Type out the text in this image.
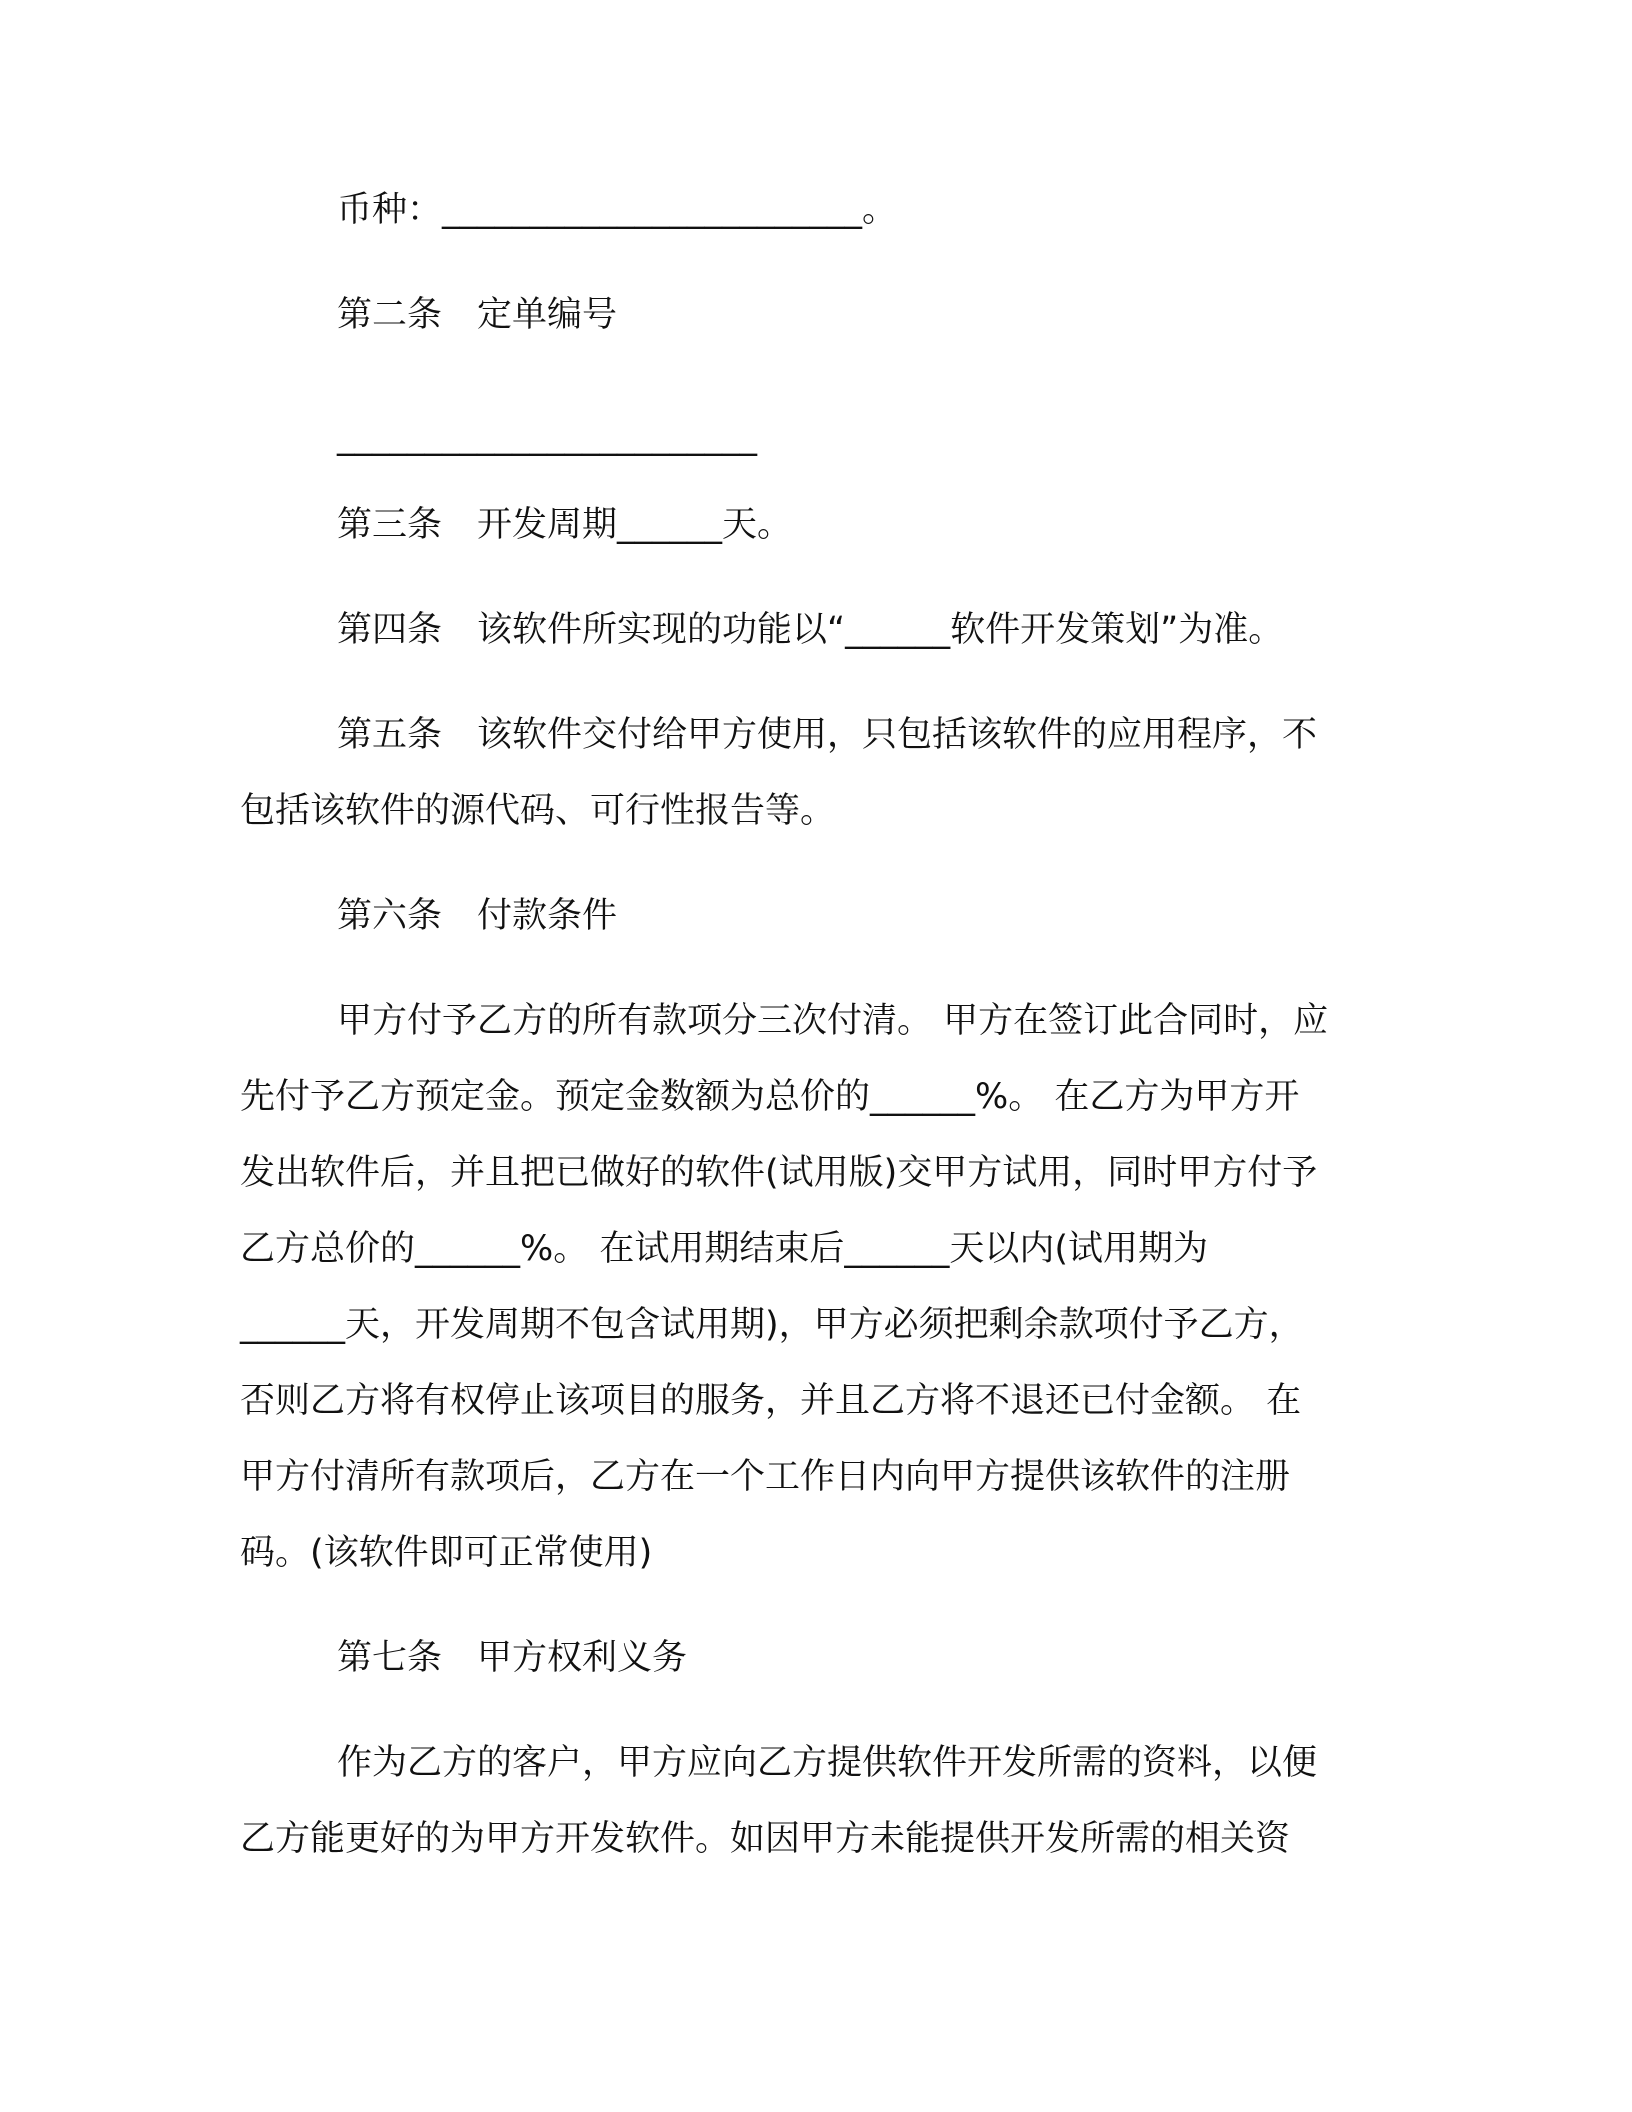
币种：________________________。
第二条　定单编号
________________________
第三条　开发周期______天。
第四条　该软件所实现的功能以“______软件开发策划”为准。
第五条　该软件交付给甲方使用，只包括该软件的应用程序，不
包括该软件的源代码、可行性报告等。
第六条　付款条件
甲方付予乙方的所有款项分三次付清。 甲方在签订此合同时，应
先付予乙方预定金。预定金数额为总价的______%。 在乙方为甲方开
发出软件后，并且把已做好的软件(试用版)交甲方试用，同时甲方付予
乙方总价的______%。 在试用期结束后______天以内(试用期为
______天，开发周期不包含试用期)，甲方必须把剩余款项付予乙方，
否则乙方将有权停止该项目的服务，并且乙方将不退还已付金额。 在
甲方付清所有款项后，乙方在一个工作日内向甲方提供该软件的注册
码。(该软件即可正常使用)
第七条　甲方权利义务
作为乙方的客户，甲方应向乙方提供软件开发所需的资料，以便
乙方能更好的为甲方开发软件。如因甲方未能提供开发所需的相关资
